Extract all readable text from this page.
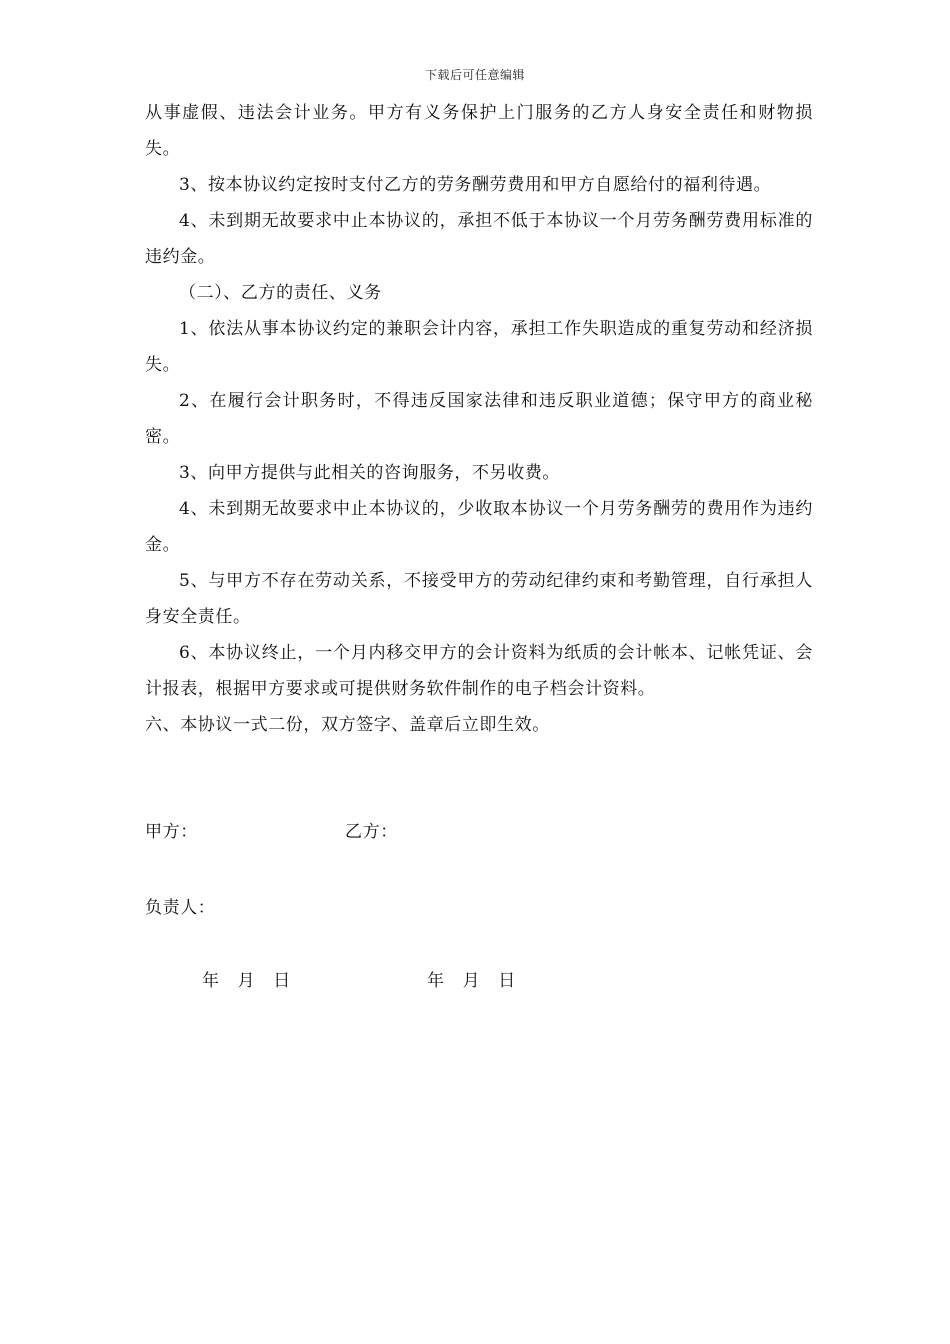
下载后可任意编辑

从事虚假、违法会计业务。甲方有义务保护上门服务的乙方人身安全责任和财物损失。

3、按本协议约定按时支付乙方的劳务酬劳费用和甲方自愿给付的福利待遇。

4、未到期无故要求中止本协议的，承担不低于本协议一个月劳务酬劳费用标准的违约金。

（二）、乙方的责任、义务

1、依法从事本协议约定的兼职会计内容，承担工作失职造成的重复劳动和经济损失。

2、在履行会计职务时，不得违反国家法律和违反职业道德；保守甲方的商业秘密。

3、向甲方提供与此相关的咨询服务，不另收费。

4、未到期无故要求中止本协议的，少收取本协议一个月劳务酬劳的费用作为违约金。

5、与甲方不存在劳动关系，不接受甲方的劳动纪律约束和考勤管理，自行承担人身安全责任。

6、本协议终止，一个月内移交甲方的会计资料为纸质的会计帐本、记帐凭证、会计报表，根据甲方要求或可提供财务软件制作的电子档会计资料。

六、本协议一式二份，双方签字、盖章后立即生效。

甲方：	乙方：
负责人：
年   月   日	年   月   日
